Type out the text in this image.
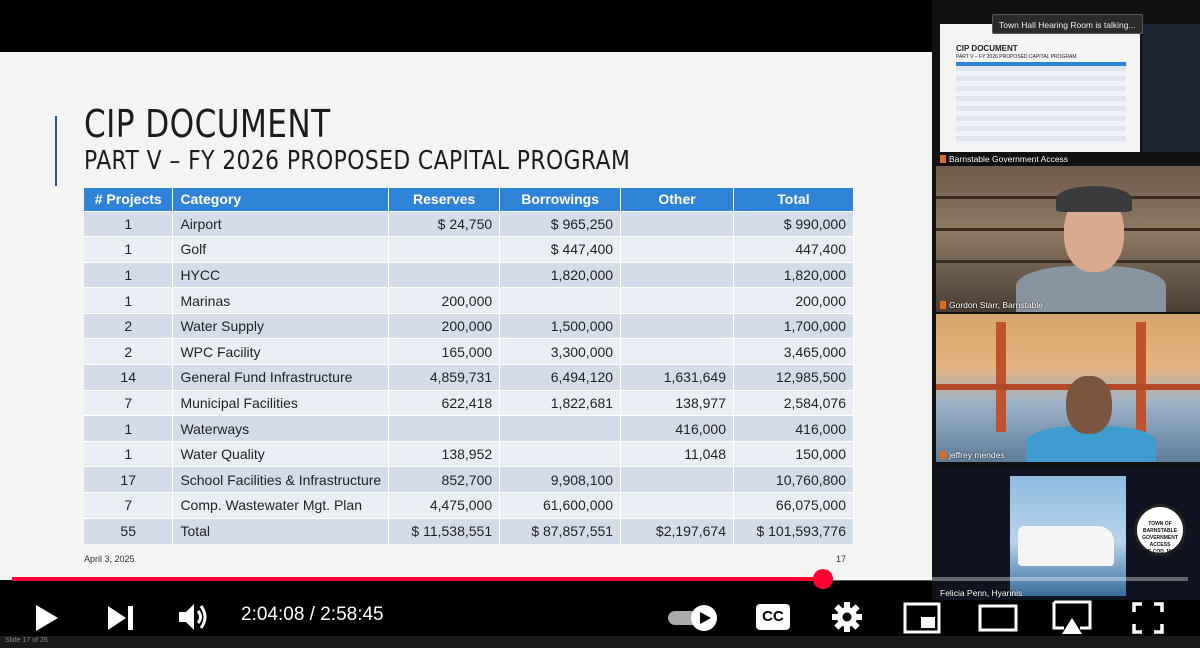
CIP DOCUMENT
PART V – FY 2026 PROPOSED CAPITAL PROGRAM
# Projects	Category	Reserves	Borrowings	Other	Total
1	Airport	$ 24,750	$ 965,250		$ 990,000
1	Golf		$ 447,400		447,400
1	HYCC		1,820,000		1,820,000
1	Marinas	200,000			200,000
2	Water Supply	200,000	1,500,000		1,700,000
2	WPC Facility	165,000	3,300,000		3,465,000
14	General Fund Infrastructure	4,859,731	6,494,120	1,631,649	12,985,500
7	Municipal Facilities	622,418	1,822,681	138,977	2,584,076
1	Waterways			416,000	416,000
1	Water Quality	138,952		11,048	150,000
17	School Facilities & Infrastructure	852,700	9,908,100		10,760,800
7	Comp. Wastewater Mgt. Plan	4,475,000	61,600,000		66,075,000
55	Total	$ 11,538,551	$ 87,857,551	$2,197,674	$ 101,593,776
April 3, 2025	17
CIP DOCUMENT
PART V – FY 2026 PROPOSED CAPITAL PROGRAM
Town Hall Hearing Room is talking...
Barnstable Government Access
Gordon Starr, Barnstable
jeffrey mendes
TOWN OF BARNSTABLE
GOVERNMENT
ACCESS
CAPE COD, MASS.
Felicia Penn, Hyannis
CC
2:04:08 / 2:58:45
Slide 17 of 26
